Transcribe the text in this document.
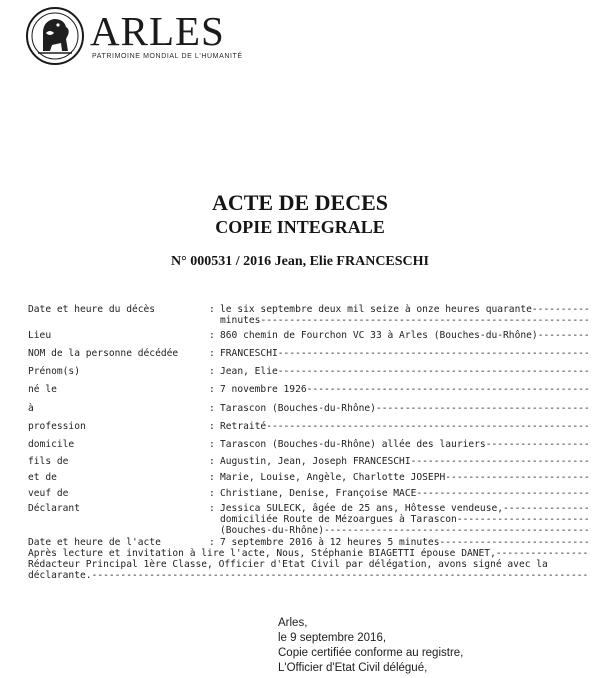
ARLES
PATRIMOINE MONDIAL DE L'HUMANITÉ
ACTE DE DECES
COPIE INTEGRALE
N° 000531 / 2016 Jean, Elie FRANCESCHI
Date et heure du décès	: le six septembre deux mil seize à onze heures quarante -----
minutes -----
Lieu	: 860 chemin de Fourchon VC 33 à Arles (Bouches-du-Rhône) -----
NOM de la personne décédée	: FRANCESCHI -----
Prénom(s)	: Jean, Elie -----
né le	: 7 novembre 1926 -----
à	: Tarascon (Bouches-du-Rhône) -----
profession	: Retraité -----
domicile	: Tarascon (Bouches-du-Rhône) allée des lauriers -----
fils de	: Augustin, Jean, Joseph FRANCESCHI -----
et de	: Marie, Louise, Angèle, Charlotte JOSEPH -----
veuf de	: Christiane, Denise, Françoise MACE -----
Déclarant	: Jessica SULECK, âgée de 25 ans, Hôtesse vendeuse, -----
domiciliée Route de Mézoargues à Tarascon -----
(Bouches-du-Rhône) -----
Date et heure de l'acte	: 7 septembre 2016 à 12 heures 5 minutes -----
Après lecture et invitation à lire l'acte, Nous, Stéphanie BIAGETTI épouse DANET, -----
Rédacteur Principal 1ère Classe, Officier d'Etat Civil par délégation, avons signé avec la
déclarante. -----
Arles,
le 9 septembre 2016,
Copie certifiée conforme au registre,
L'Officier d'Etat Civil délégué,
